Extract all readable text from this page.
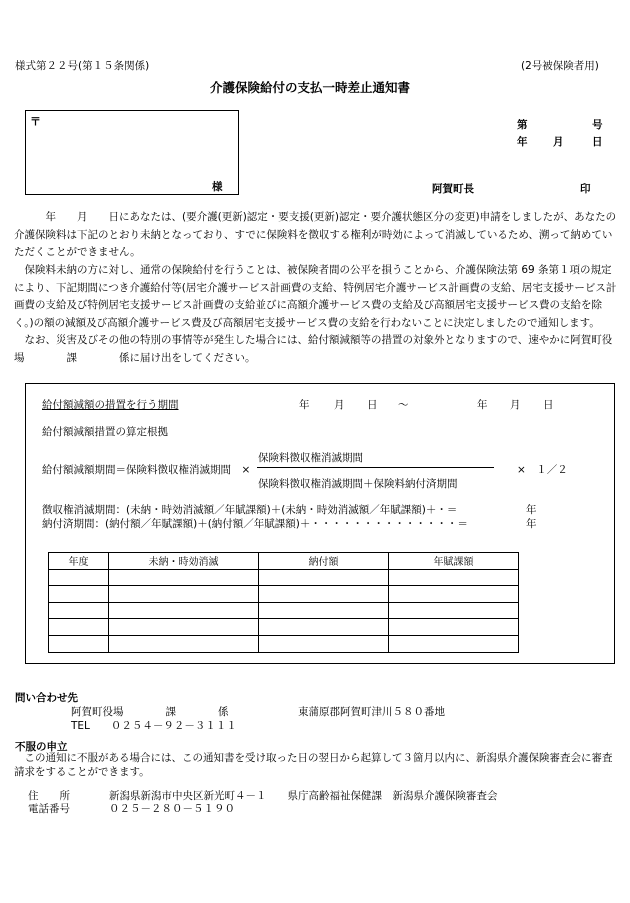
様式第２２号(第１５条関係)	(2号被保険者用)
介護保険給付の支払一時差止通知書
〒
様
第	号
年 月	日
阿賀町長	印
　　　年　　月　　日にあなたは、(要介護(更新)認定・要支援(更新)認定・要介護状態区分の変更)申請をしましたが、あなたの介護保険料は下記のとおり未納となっており、すでに保険料を徴収する権利が時効によって消滅しているため、溯って納めていただくことができません。
　保険料未納の方に対し、通常の保険給付を行うことは、被保険者間の公平を損うことから、介護保険法第 69 条第１項の規定により、下記期間につき介護給付等(居宅介護サービス計画費の支給、特例居宅介護サービス計画費の支給、居宅支援サービス計画費の支給及び特例居宅支援サービス計画費の支給並びに高額介護サービス費の支給及び高額居宅支援サービス費の支給を除く。)の額の減額及び高額介護サービス費及び高額居宅支援サービス費の支給を行わないことに決定しましたので通知します。
　なお、災害及びその他の特別の事情等が発生した場合には、給付額減額等の措置の対象外となりますので、速やかに阿賀町役場　　　　課　　　　係に届け出をしてください。
給付額減額の措置を行う期間	年 月 日 ～	年 月 日
給付額減額措置の算定根拠
保険料徴収権消滅期間
給付額減額期間＝保険料徴収権消滅期間　×	×　１／２
保険料徴収権消滅期間＋保険料納付済期間
徴収権消滅期間：(未納・時効消滅額／年賦課額)＋(未納・時効消滅額／年賦課額)＋・＝	年
納付済期間：(納付額／年賦課額)＋(納付額／年賦課額)＋・・・・・・・・・・・・・・＝	年
年度	未納・時効消滅	納付額	年賦課額

問い合わせ先
阿賀町役場　　　　課　　　　係	東蒲原郡阿賀町津川５８０番地
TEL　　０２５４－９２－３１１１
不服の申立
　この通知に不服がある場合には、この通知書を受け取った日の翌日から起算して３箇月以内に、新潟県介護保険審査会に審査請求をすることができます。
住　　所	新潟県新潟市中央区新光町４－１　　県庁高齢福祉保健課　新潟県介護保険審査会
電話番号	０２５－２８０－５１９０
